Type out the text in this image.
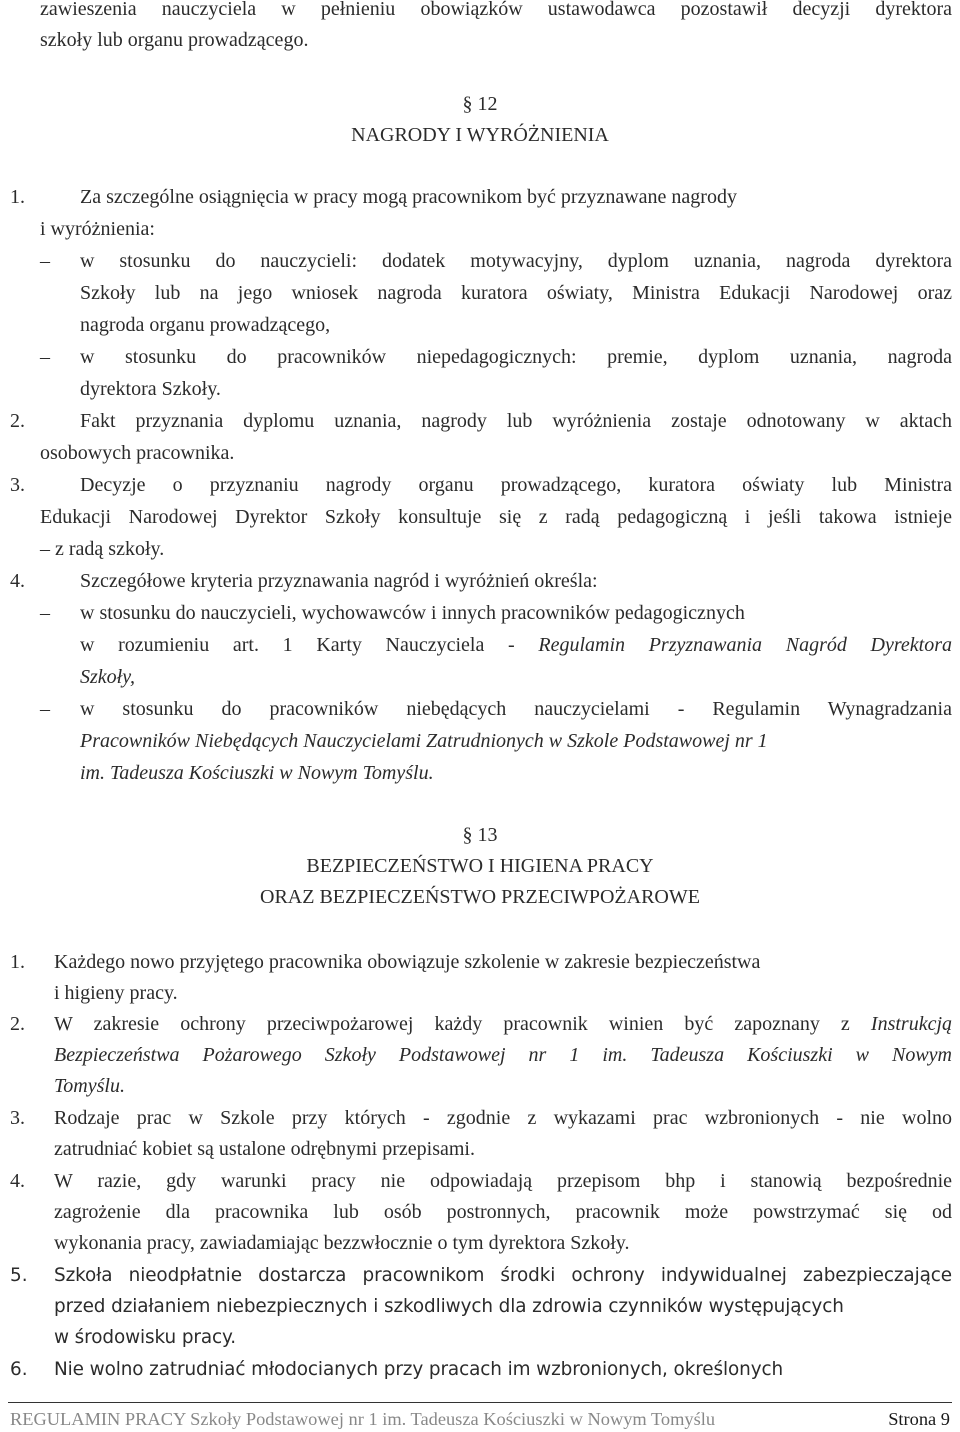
zawieszenia nauczyciela w pełnieniu obowiązków ustawodawca pozostawił decyzji dyrektora
szkoły lub organu prowadzącego.
§ 12
NAGRODY I WYRÓŻNIENIA
1.	Za szczególne osiągnięcia w pracy mogą pracownikom być przyznawane nagrody
i wyróżnienia:
– w stosunku do nauczycieli: dodatek motywacyjny, dyplom uznania, nagroda dyrektora
Szkoły lub na jego wniosek nagroda kuratora oświaty, Ministra Edukacji Narodowej oraz
nagroda organu prowadzącego,
– w stosunku do pracowników niepedagogicznych: premie, dyplom uznania, nagroda
dyrektora Szkoły.
2.	Fakt przyznania dyplomu uznania, nagrody lub wyróżnienia zostaje odnotowany w aktach
osobowych pracownika.
3.	Decyzje o przyznaniu nagrody organu prowadzącego, kuratora oświaty lub Ministra
Edukacji Narodowej Dyrektor Szkoły konsultuje się z radą pedagogiczną i jeśli takowa istnieje
– z radą szkoły.
4.	Szczegółowe kryteria przyznawania nagród i wyróżnień określa:
– w stosunku do nauczycieli, wychowawców i innych pracowników pedagogicznych
w rozumieniu art. 1 Karty Nauczyciela - Regulamin Przyznawania Nagród Dyrektora
Szkoły,
– w stosunku do pracowników niebędących nauczycielami - Regulamin Wynagradzania
Pracowników Niebędących Nauczycielami Zatrudnionych w Szkole Podstawowej nr 1
im. Tadeusza Kościuszki w Nowym Tomyślu.
§ 13
BEZPIECZEŃSTWO I HIGIENA PRACY
ORAZ BEZPIECZEŃSTWO PRZECIWPOŻAROWE
1. Każdego nowo przyjętego pracownika obowiązuje szkolenie w zakresie bezpieczeństwa
i higieny pracy.
2. W zakresie ochrony przeciwpożarowej każdy pracownik winien być zapoznany z Instrukcją
Bezpieczeństwa Pożarowego Szkoły Podstawowej nr 1 im. Tadeusza Kościuszki w Nowym
Tomyślu.
3. Rodzaje prac w Szkole przy których - zgodnie z wykazami prac wzbronionych - nie wolno
zatrudniać kobiet są ustalone odrębnymi przepisami.
4. W razie, gdy warunki pracy nie odpowiadają przepisom bhp i stanowią bezpośrednie
zagrożenie dla pracownika lub osób postronnych, pracownik może powstrzymać się od
wykonania pracy, zawiadamiając bezzwłocznie o tym dyrektora Szkoły.
5. Szkoła nieodpłatnie dostarcza pracownikom środki ochrony indywidualnej zabezpieczające
przed działaniem niebezpiecznych i szkodliwych dla zdrowia czynników występujących
w środowisku pracy.
6. Nie wolno zatrudniać młodocianych przy pracach im wzbronionych, określonych
REGULAMIN PRACY Szkoły Podstawowej nr 1 im. Tadeusza Kościuszki w Nowym Tomyślu	Strona 9
